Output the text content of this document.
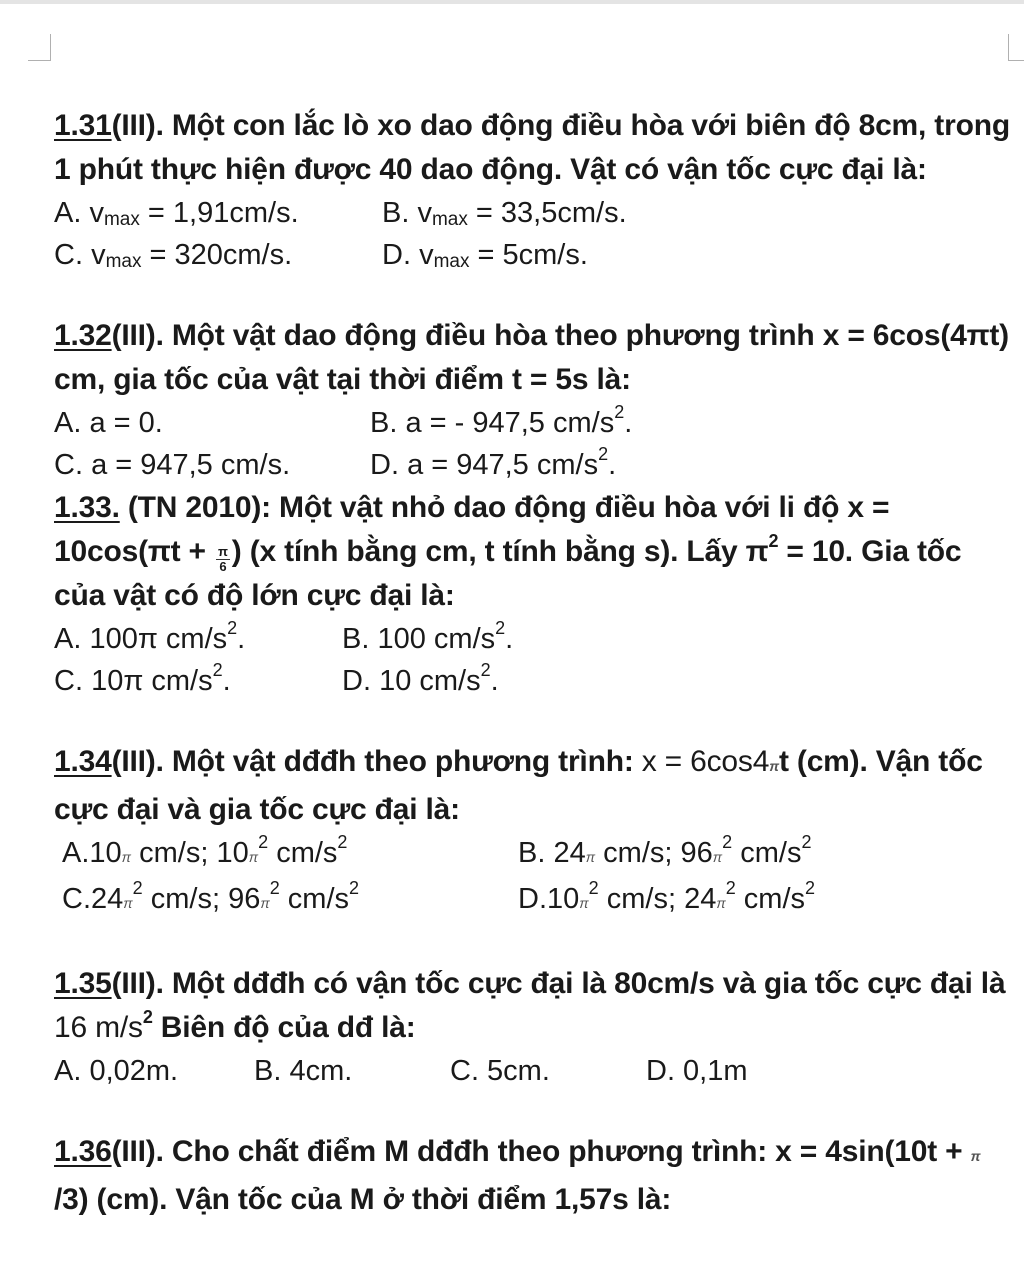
1.31(III). Một con lắc lò xo dao động điều hòa với biên độ 8cm, trong 1 phút thực hiện được 40 dao động. Vật có vận tốc cực đại là:

A. $v_{max} = 1,91cm/s$.	B. $v_{max} = 33,5cm/s$.
C. $v_{max} = 320cm/s$.	D. $v_{max} = 5cm/s$.

1.32(III). Một vật dao động điều hòa theo phương trình x = 6cos(4πt) cm, gia tốc của vật tại thời điểm t = 5s là:

A. a = 0.	B. a = - 947,5 $cm/s^2$.
C. a = 947,5 cm/s.	D. a = 947,5 $cm/s^2$.

1.33. (TN 2010): Một vật nhỏ dao động điều hòa với li độ $x = 10\cos(\pi t + \frac{\pi}{6}$ ) (x tính bằng cm, t tính bằng s). Lấy $\pi^2 = 10$. Gia tốc của vật có độ lớn cực đại là:

A. 100π $cm/s^2$.	B. 100 $cm/s^2$.
C. 10π $cm/s^2$.	D. 10 $cm/s^2$.

1.34(III). Một vật dđđh theo phương trình: x = 6cos4πt (cm). Vận tốc cực đại và gia tốc cực đại là:

A.10π cm/s; $10\pi^2$ $cm/s^2$	B. 24π cm/s; $96\pi^2$ $cm/s^2$
$C.24\pi^2$ cm/s; $96\pi^2$ $cm/s^2$	$D.10\pi^2$ cm/s; $24\pi^2$ $cm/s^2$

1.35(III). Một dđđh có vận tốc cực đại là 80cm/s và gia tốc cực đại là 16 $m/s^2$ Biên độ của dđ là:

A. 0,02m.	B. 4cm.	C. 5cm.	D. 0,1m

1.36(III). Cho chất điểm M dđđh theo phương trình: x = 4sin(10t + π /3) (cm). Vận tốc của M ở thời điểm 1,57s là:
